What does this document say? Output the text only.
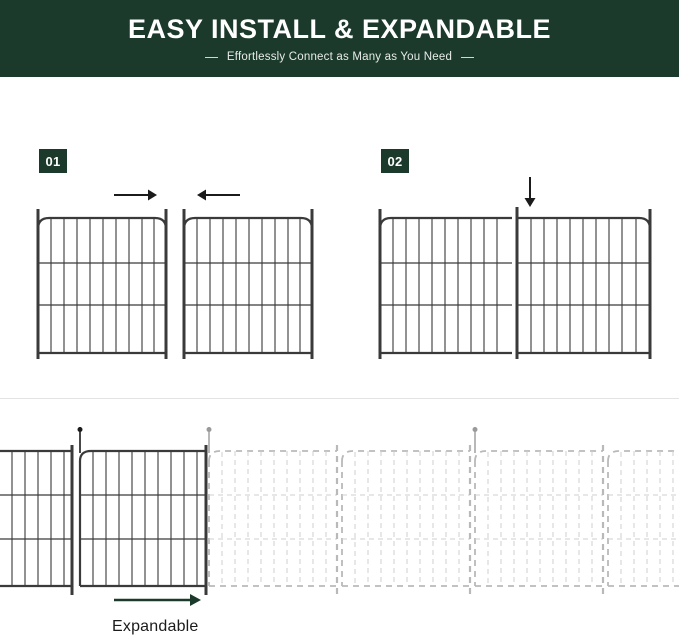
EASY INSTALL & EXPANDABLE
Effortlessly Connect as Many as You Need
01	02
Expandable
